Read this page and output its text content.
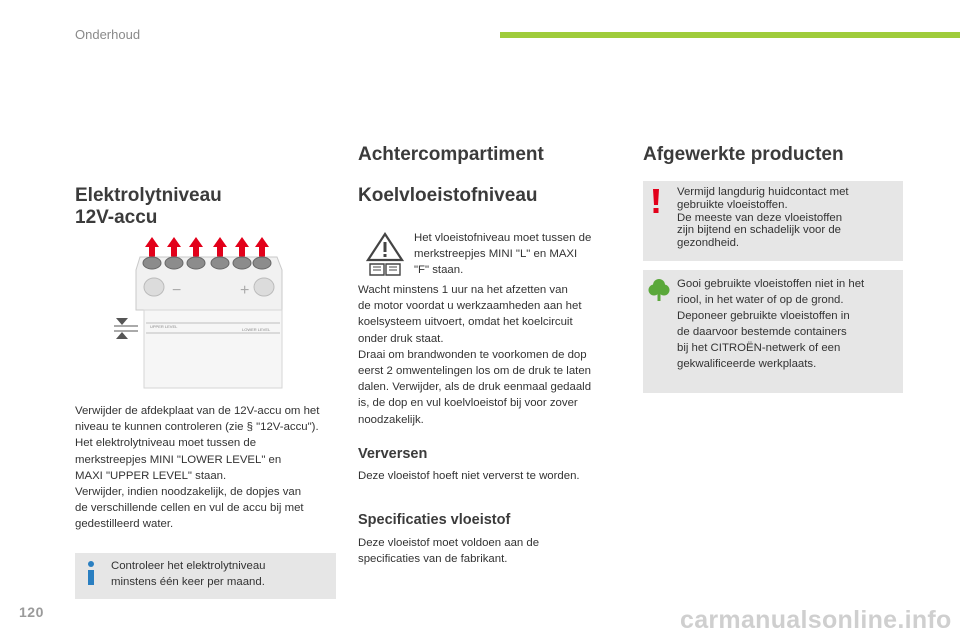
Onderhoud
Elektrolytniveau
12V-accu
−	+
UPPER LEVEL
LOWER LEVEL
Verwijder de afdekplaat van de 12V-accu om het
niveau te kunnen controleren (zie § "12V-accu").
Het elektrolytniveau moet tussen de
merkstreepjes MINI "LOWER LEVEL" en
MAXI "UPPER LEVEL" staan.
Verwijder, indien noodzakelijk, de dopjes van
de verschillende cellen en vul de accu bij met
gedestilleerd water.
Controleer het elektrolytniveau
minstens één keer per maand.
Achtercompartiment
Koelvloeistofniveau
Het vloeistofniveau moet tussen de
merkstreepjes MINI "L" en MAXI
"F" staan.
Wacht minstens 1 uur na het afzetten van
de motor voordat u werkzaamheden aan het
koelsysteem uitvoert, omdat het koelcircuit
onder druk staat.
Draai om brandwonden te voorkomen de dop
eerst 2 omwentelingen los om de druk te laten
dalen. Verwijder, als de druk eenmaal gedaald
is, de dop en vul koelvloeistof bij voor zover
noodzakelijk.
Verversen
Deze vloeistof hoeft niet ververst te worden.
Specificaties vloeistof
Deze vloeistof moet voldoen aan de
specificaties van de fabrikant.
Afgewerkte producten
Vermijd langdurig huidcontact met
gebruikte vloeistoffen.
De meeste van deze vloeistoffen
zijn bijtend en schadelijk voor de
gezondheid.
Gooi gebruikte vloeistoffen niet in het
riool, in het water of op de grond.
Deponeer gebruikte vloeistoffen in
de daarvoor bestemde containers
bij het CITROËN-netwerk of een
gekwalificeerde werkplaats.
120	carmanualsonline.info
